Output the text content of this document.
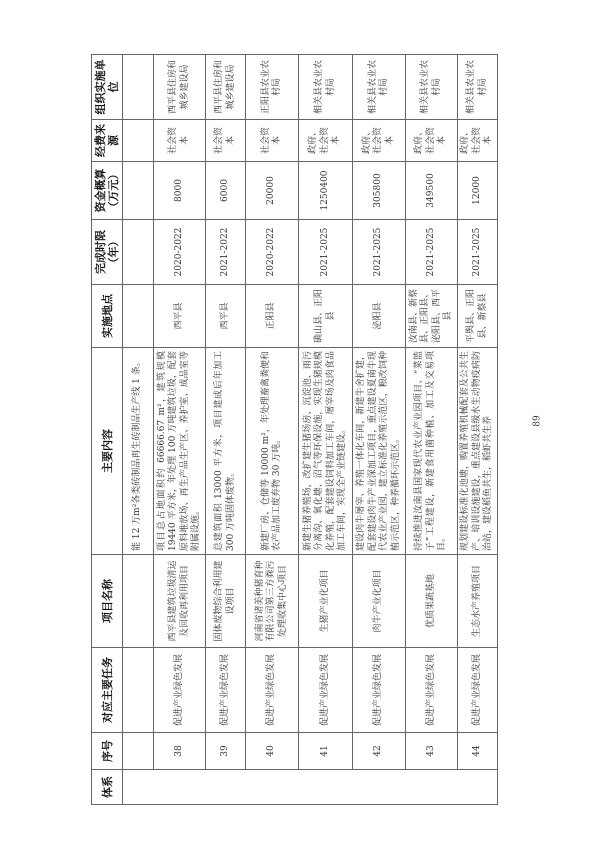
体系	序号	对应主要任务	项目名称	主要内容	实施地点	完成时限（年）	资金概算（万元）	经费来源	组织实施单位
				能 12 万m²各类砖制品再生砖制品生产线 1 条。					
	38	促进产业绿色发展	西平县建筑垃圾清运及回收再利用项目	项目总占地面积约 66666.67 m²，建筑规模 19440 平方米，年处理 100 万吨建筑垃圾，配套原料堆放场、再生产品生产区、养护室、成品室等附属设施。	西平县	2020-2022	8000	社会资本	西平县住房和城乡建设局
	39	促进产业绿色发展	固体废物综合利用建设项目	总建筑面积 13000 平方米，项目建成后年加工 300 万吨固体废物。	西平县	2021-2022	6000	社会资本	西平县住房和城乡建设局
	40	促进产业绿色发展	河南省诸美种猪育种有限公司第三方粪污处理收集中心项目	新建厂房、仓储等 10000 m²，年处理畜禽粪便和农产品加工废弃物 30 万吨。	正阳县	2020-2022	20000	社会资本	正阳县农业农村局
	41	促进产业绿色发展	生猪产业化项目	新建生猪养殖场，改扩建生猪场房、沉淀池、雨污分离沟、氧化塘、沼气等环保设施，实现生猪规模化养殖，配套建设饲料加工车间，屠宰场及肉食品加工车间，实现全产业链建设。	确山县、正阳县	2021-2025	1250400	政府、社会资本	相关县农业农村局
	42	促进产业绿色发展	肉牛产业化项目	建设肉牛屠宰、养殖一体化车间，新建牛舍扩建，配套建设肉牛产业深加工项目，重点建设夏南牛现代农业产业园，建立标准化养殖示范区，粮改饲种植示范区，种养循环示范区。	泌阳县	2021-2025	305800	政府、社会资本	相关县农业农村局
	43	促进产业绿色发展	优质果蔬基地	持续推进汝南县国家现代农业产业园项目、“菜篮子”工程建设，新建食用菌种植、加工及交易项目。	汝南县、新蔡县、正阳县、泌阳县、西平县	2021-2025	349500	政府、社会资本	相关县农业农村局
	44	促进产业绿色发展	生态水产养殖项目	规划建设标准化池塘，购置养殖机械配套及公共生产、培训设施建设，重点建设县级水生动物疫病防治站，建设稻鱼共生，稻虾共生养	平舆县、正阳县、新蔡县	2021-2025	12000	政府、社会资本	相关县农业农村局
89
